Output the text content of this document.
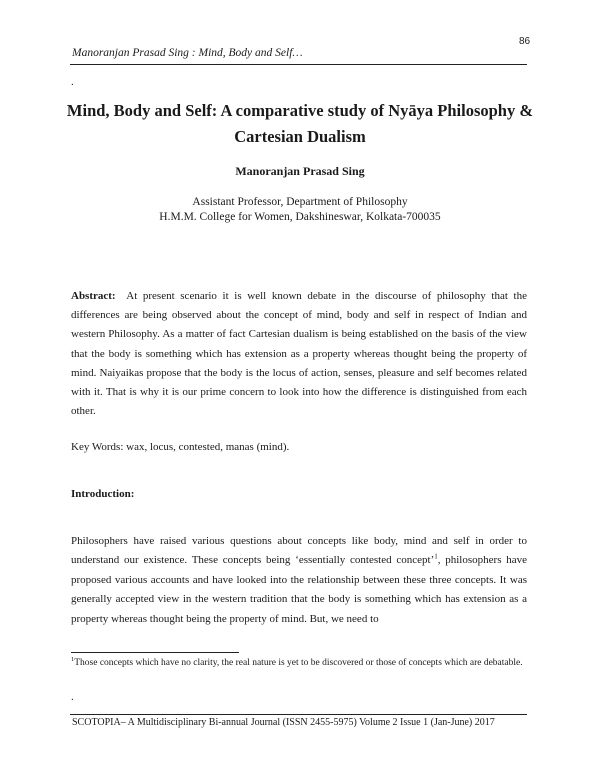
86
Manoranjan Prasad Sing : Mind, Body and Self…
.
Mind, Body and Self: A comparative study of Nyāya Philosophy &
Cartesian Dualism
Manoranjan Prasad Sing
Assistant Professor, Department of Philosophy
H.M.M. College for Women, Dakshineswar, Kolkata-700035
Abstract: At present scenario it is well known debate in the discourse of philosophy that the differences are being observed about the concept of mind, body and self in respect of Indian and western Philosophy. As a matter of fact Cartesian dualism is being established on the basis of the view that the body is something which has extension as a property whereas thought being the property of mind. Naiyaikas propose that the body is the locus of action, senses, pleasure and self becomes related with it. That is why it is our prime concern to look into how the difference is distinguished from each other.
Key Words: wax, locus, contested, manas (mind).
Introduction:
Philosophers have raised various questions about concepts like body, mind and self in order to understand our existence. These concepts being ‘essentially contested concept’$^1$, philosophers have proposed various accounts and have looked into the relationship between these three concepts. It was generally accepted view in the western tradition that the body is something which has extension as a property whereas thought being the property of mind. But, we need to
$^1$Those concepts which have no clarity, the real nature is yet to be discovered or those of concepts which are debatable.
.
SCOTOPIA– A Multidisciplinary Bi-annual Journal (ISSN 2455-5975) Volume 2 Issue 1 (Jan-June) 2017
